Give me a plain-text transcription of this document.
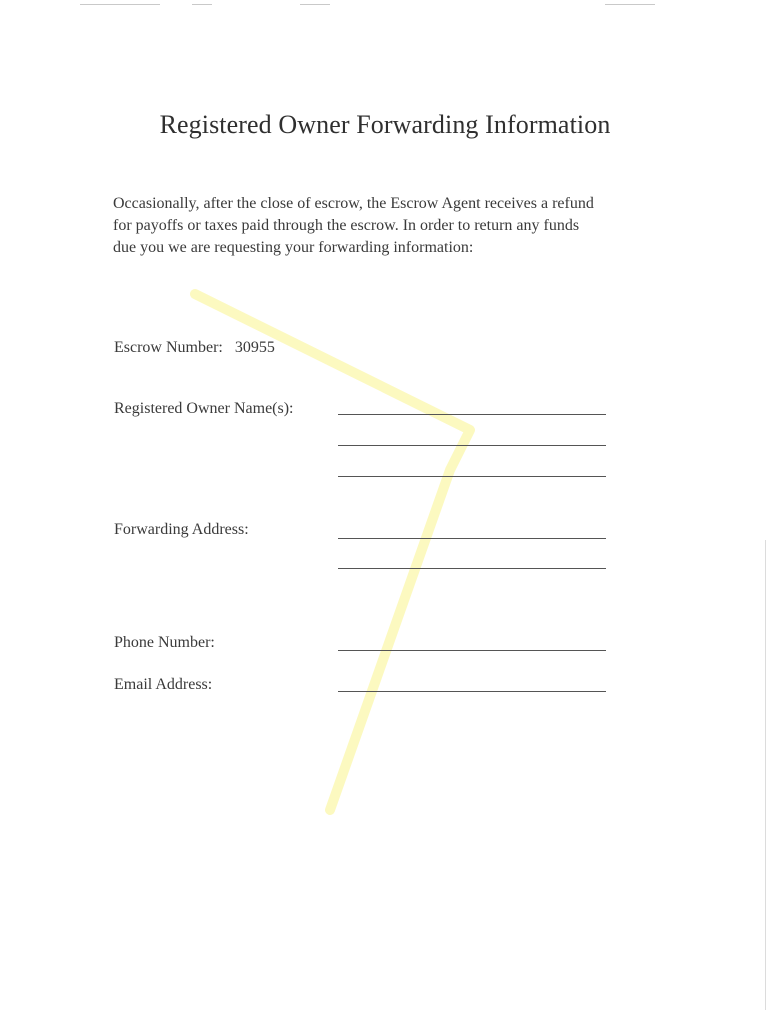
Registered Owner Forwarding Information
Occasionally, after the close of escrow, the Escrow Agent receives a refund
for payoffs or taxes paid through the escrow. In order to return any funds
due you we are requesting your forwarding information:
Escrow Number: 30955
Registered Owner Name(s):
Forwarding Address:
Phone Number:
Email Address:
